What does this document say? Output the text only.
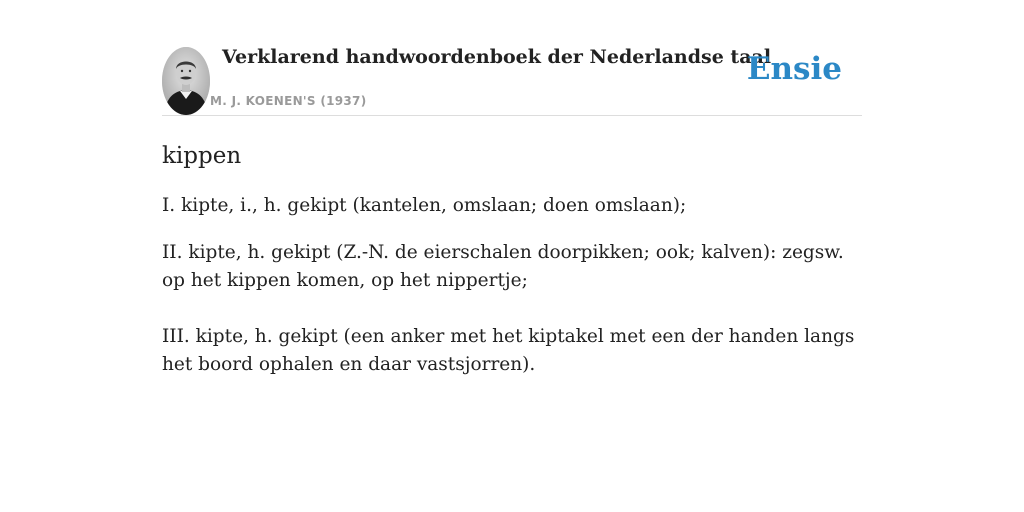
Verklarend handwoordenboek der Nederlandse taal
M. J. KOENEN'S (1937)
Ensie
kippen

I. kipte, i., h. gekipt (kantelen, omslaan; doen omslaan);

II. kipte, h. gekipt (Z.-N. de eierschalen doorpikken; ook; kalven): zegsw. op het kippen komen, op het nippertje;

III. kipte, h. gekipt (een anker met het kiptakel met een der handen langs het boord ophalen en daar vastsjorren).
